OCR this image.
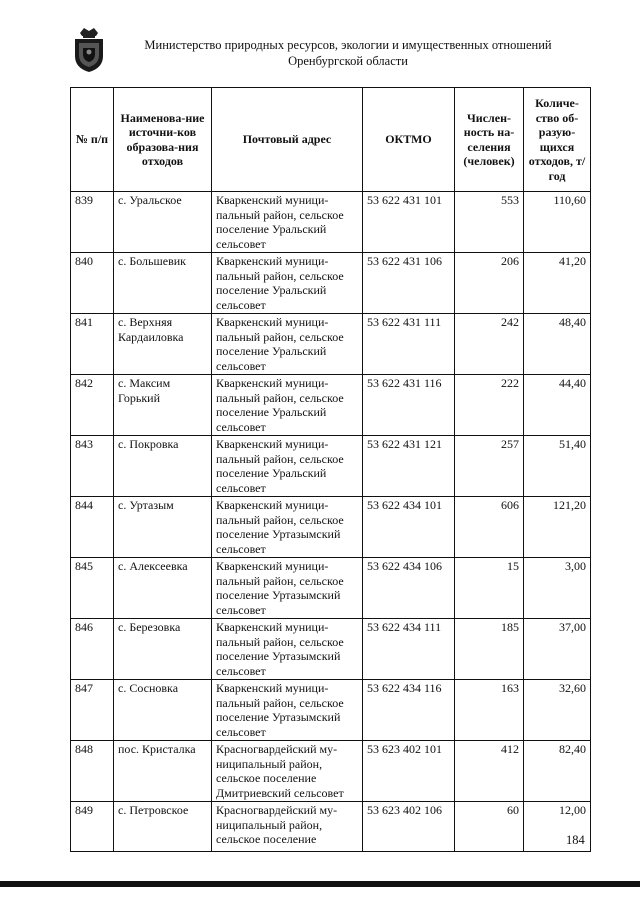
Министерство природных ресурсов, экологии и имущественных отношений
Оренбургской области
№ п/п	Наименова-ние источни-ков образова-ния отходов	Почтовый адрес	ОКТМО	Числен-ность на-селения (человек)	Количе-ство об-разую-щихся отходов, т/год
839	с. Уральское	Кваркенский муници-пальный район, сельское поселение Уральский сельсовет	53 622 431 101	553	110,60
840	с. Большевик	Кваркенский муници-пальный район, сельское поселение Уральский сельсовет	53 622 431 106	206	41,20
841	с. Верхняя Кардаиловка	Кваркенский муници-пальный район, сельское поселение Уральский сельсовет	53 622 431 111	242	48,40
842	с. Максим Горький	Кваркенский муници-пальный район, сельское поселение Уральский сельсовет	53 622 431 116	222	44,40
843	с. Покровка	Кваркенский муници-пальный район, сельское поселение Уральский сельсовет	53 622 431 121	257	51,40
844	с. Уртазым	Кваркенский муници-пальный район, сельское поселение Уртазымский сельсовет	53 622 434 101	606	121,20
845	с. Алексеевка	Кваркенский муници-пальный район, сельское поселение Уртазымский сельсовет	53 622 434 106	15	3,00
846	с. Березовка	Кваркенский муници-пальный район, сельское поселение Уртазымский сельсовет	53 622 434 111	185	37,00
847	с. Сосновка	Кваркенский муници-пальный район, сельское поселение Уртазымский сельсовет	53 622 434 116	163	32,60
848	пос. Кристалка	Красногвардейский му-ниципальный район, сельское поселение Дмитриевский сельсовет	53 623 402 101	412	82,40
849	с. Петровское	Красногвардейский му-ниципальный район, сельское поселение	53 623 402 106	60	12,00
184
